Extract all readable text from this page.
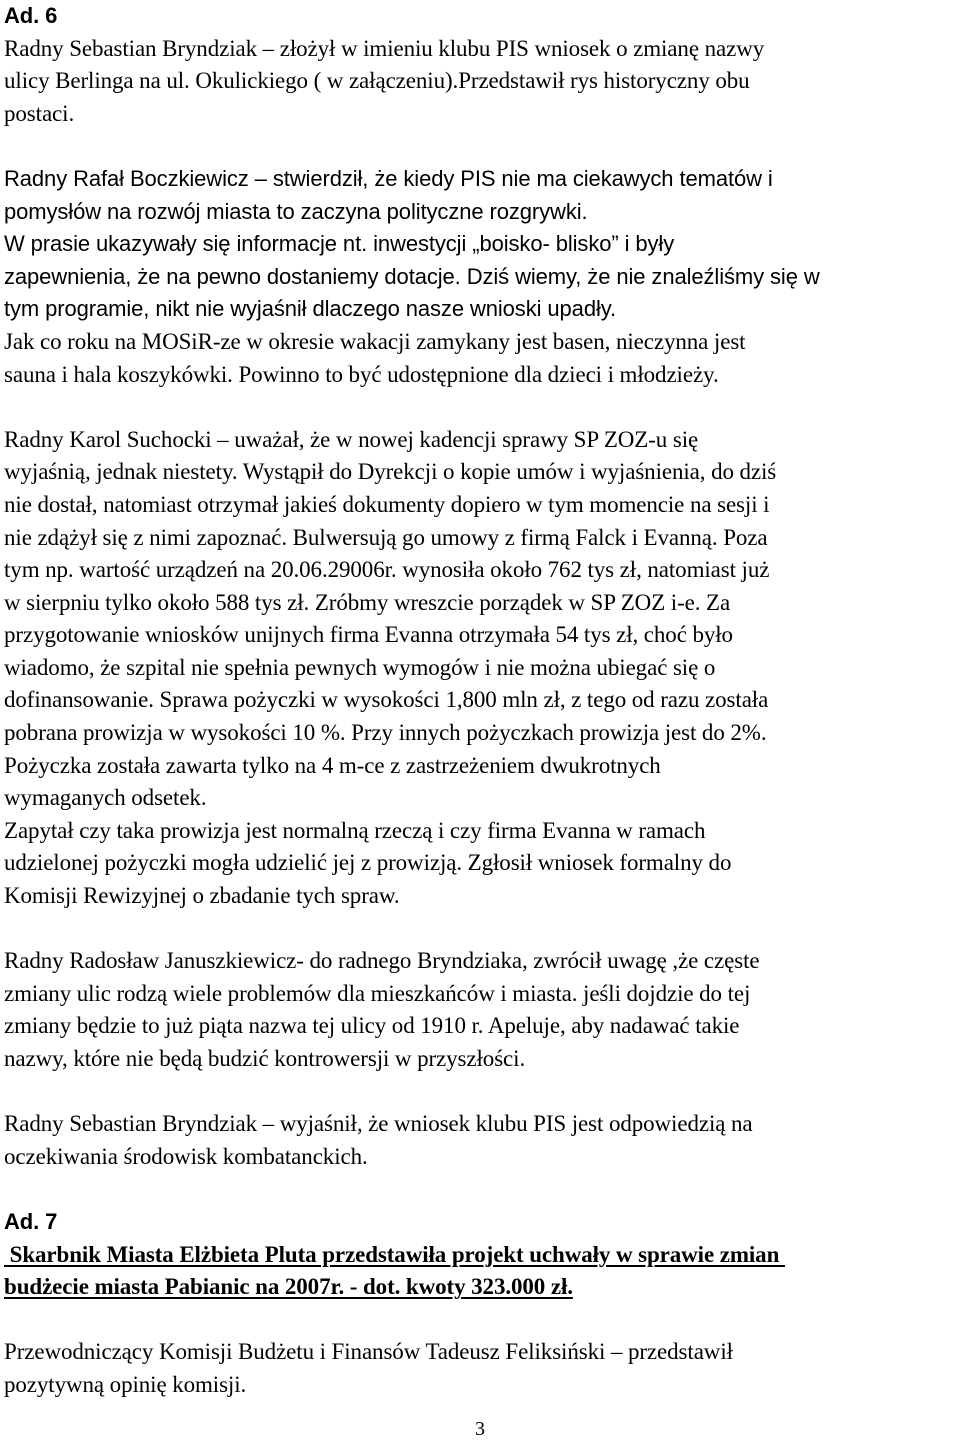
Ad. 6
Radny Sebastian Bryndziak – złożył w imieniu klubu PIS wniosek o zmianę nazwy
ulicy Berlinga na ul. Okulickiego ( w załączeniu).Przedstawił rys historyczny obu
postaci.
Radny Rafał Boczkiewicz – stwierdził, że kiedy PIS nie ma ciekawych tematów i
pomysłów na rozwój miasta to zaczyna polityczne rozgrywki.
W prasie ukazywały się informacje nt. inwestycji „boisko- blisko” i były
zapewnienia, że na pewno dostaniemy dotacje. Dziś wiemy, że nie znaleźliśmy się w
tym programie, nikt nie wyjaśnił dlaczego nasze wnioski upadły.
Jak co roku na MOSiR-ze w okresie wakacji zamykany jest basen, nieczynna jest
sauna i hala koszykówki. Powinno to być udostępnione dla dzieci i młodzieży.
Radny Karol Suchocki – uważał, że w nowej kadencji sprawy SP ZOZ-u się
wyjaśnią, jednak niestety. Wystąpił do Dyrekcji o kopie umów i wyjaśnienia, do dziś
nie dostał, natomiast otrzymał jakieś dokumenty dopiero w tym momencie na sesji i
nie zdążył się z nimi zapoznać. Bulwersują go umowy z firmą Falck i Evanną. Poza
tym np. wartość urządzeń na 20.06.29006r. wynosiła około 762 tys zł, natomiast już
w sierpniu tylko około 588 tys zł. Zróbmy wreszcie porządek w SP ZOZ i-e. Za
przygotowanie wniosków unijnych firma Evanna otrzymała 54 tys zł, choć było
wiadomo, że szpital nie spełnia pewnych wymogów i nie można ubiegać się o
dofinansowanie. Sprawa pożyczki w wysokości 1,800 mln zł, z tego od razu została
pobrana prowizja w wysokości 10 %. Przy innych pożyczkach prowizja jest do 2%.
Pożyczka została zawarta tylko na 4 m-ce z zastrzeżeniem dwukrotnych
wymaganych odsetek.
Zapytał czy taka prowizja jest normalną rzeczą i czy firma Evanna w ramach
udzielonej pożyczki mogła udzielić jej z prowizją. Zgłosił wniosek formalny do
Komisji Rewizyjnej o zbadanie tych spraw.
Radny Radosław Januszkiewicz- do radnego Bryndziaka, zwrócił uwagę ,że częste
zmiany ulic rodzą wiele problemów dla mieszkańców i miasta. jeśli dojdzie do tej
zmiany będzie to już piąta nazwa tej ulicy od 1910 r. Apeluje, aby nadawać takie
nazwy, które nie będą budzić kontrowersji w przyszłości.
Radny Sebastian Bryndziak – wyjaśnił, że wniosek klubu PIS jest odpowiedzią na
oczekiwania środowisk kombatanckich.
Ad. 7
Skarbnik Miasta Elżbieta Pluta przedstawiła projekt uchwały w sprawie zmian
budżecie miasta Pabianic na 2007r. - dot. kwoty 323.000 zł.
Przewodniczący Komisji Budżetu i Finansów Tadeusz Feliksiński – przedstawił
pozytywną opinię komisji.
3
